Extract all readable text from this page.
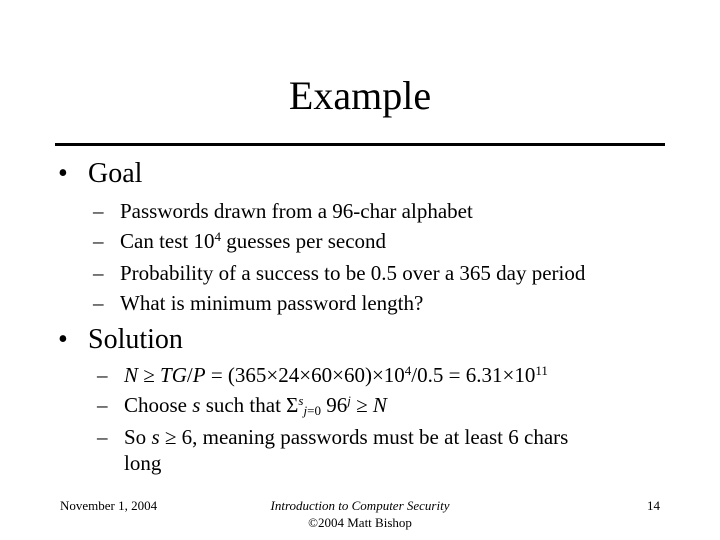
Example
• Goal
– Passwords drawn from a 96-char alphabet
– Can test $10^4$ guesses per second
– Probability of a success to be 0.5 over a 365 day period
– What is minimum password length?
• Solution
– $N \ge TG/P = (365\times 24\times 60\times 60)\times 10^4/0.5 = 6.31\times 10^{11}$
– Choose s such that $\Sigma^s_{j=0}$ $96^j \ge N$
– So s ≥ 6, meaning passwords must be at least 6 chars
long
November 1, 2004	Introduction to Computer Security
©2004 Matt Bishop
14
